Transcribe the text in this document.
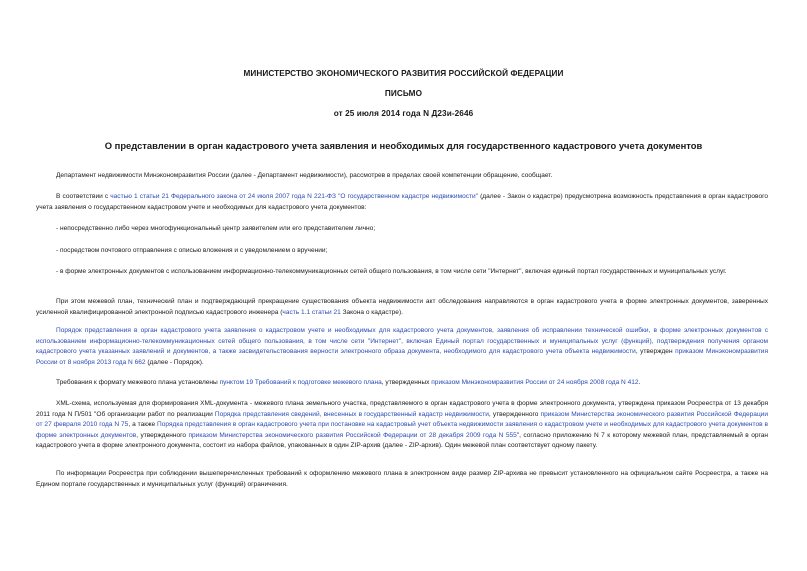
МИНИСТЕРСТВО ЭКОНОМИЧЕСКОГО РАЗВИТИЯ РОССИЙСКОЙ ФЕДЕРАЦИИ
ПИСЬМО
от 25 июля 2014 года N Д23и-2646
О представлении в орган кадастрового учета заявления и необходимых для государственного кадастрового учета документов
Департамент недвижимости Минэкономразвития России (далее - Департамент недвижимости), рассмотрев в пределах своей компетенции обращение, сообщает.
В соответствии с частью 1 статьи 21 Федерального закона от 24 июля 2007 года N 221-ФЗ "О государственном кадастре недвижимости" (далее - Закон о кадастре) предусмотрена возможность представления в орган кадастрового учета заявления о государственном кадастровом учете и необходимых для кадастрового учета документов:
- непосредственно либо через многофункциональный центр заявителем или его представителем лично;
- посредством почтового отправления с описью вложения и с уведомлением о вручении;
- в форме электронных документов с использованием информационно-телекоммуникационных сетей общего пользования, в том числе сети "Интернет", включая единый портал государственных и муниципальных услуг.
При этом межевой план, технический план и подтверждающий прекращение существования объекта недвижимости акт обследования направляются в орган кадастрового учета в форме электронных документов, заверенных усиленной квалифицированной электронной подписью кадастрового инженера (часть 1.1 статьи 21 Закона о кадастре).
Порядок представления в орган кадастрового учета заявления о кадастровом учете и необходимых для кадастрового учета документов, заявления об исправлении технической ошибки, в форме электронных документов с использованием информационно-телекоммуникационных сетей общего пользования, в том числе сети "Интернет", включая Единый портал государственных и муниципальных услуг (функций), подтверждения получения органом кадастрового учета указанных заявлений и документов, а также засвидетельствования верности электронного образа документа, необходимого для кадастрового учета объекта недвижимости, утвержден приказом Минэкономразвития России от 8 ноября 2013 года N 662 (далее - Порядок).
Требования к формату межевого плана установлены пунктом 19 Требований к подготовке межевого плана, утвержденных приказом Минэкономразвития России от 24 ноября 2008 года N 412.
XML-схема, используемая для формирования XML-документа - межевого плана земельного участка, представляемого в орган кадастрового учета в форме электронного документа, утверждена приказом Росреестра от 13 декабря 2011 года N П/501 "Об организации работ по реализации Порядка представления сведений, внесенных в государственный кадастр недвижимости, утвержденного приказом Министерства экономического развития Российской Федерации от 27 февраля 2010 года N 75, а также Порядка представления в орган кадастрового учета при постановке на кадастровый учет объекта недвижимости заявления о кадастровом учете и необходимых для кадастрового учета документов в форме электронных документов, утвержденного приказом Министерства экономического развития Российской Федерации от 28 декабря 2009 года N 555", согласно приложению N 7 к которому межевой план, представляемый в орган кадастрового учета в форме электронного документа, состоит из набора файлов, упакованных в один ZIP-архив (далее - ZIP-архив). Один межевой план соответствует одному пакету.
По информации Росреестра при соблюдении вышеперечисленных требований к оформлению межевого плана в электронном виде размер ZIP-архива не превысит установленного на официальном сайте Росреестра, а также на Едином портале государственных и муниципальных услуг (функций) ограничения.
